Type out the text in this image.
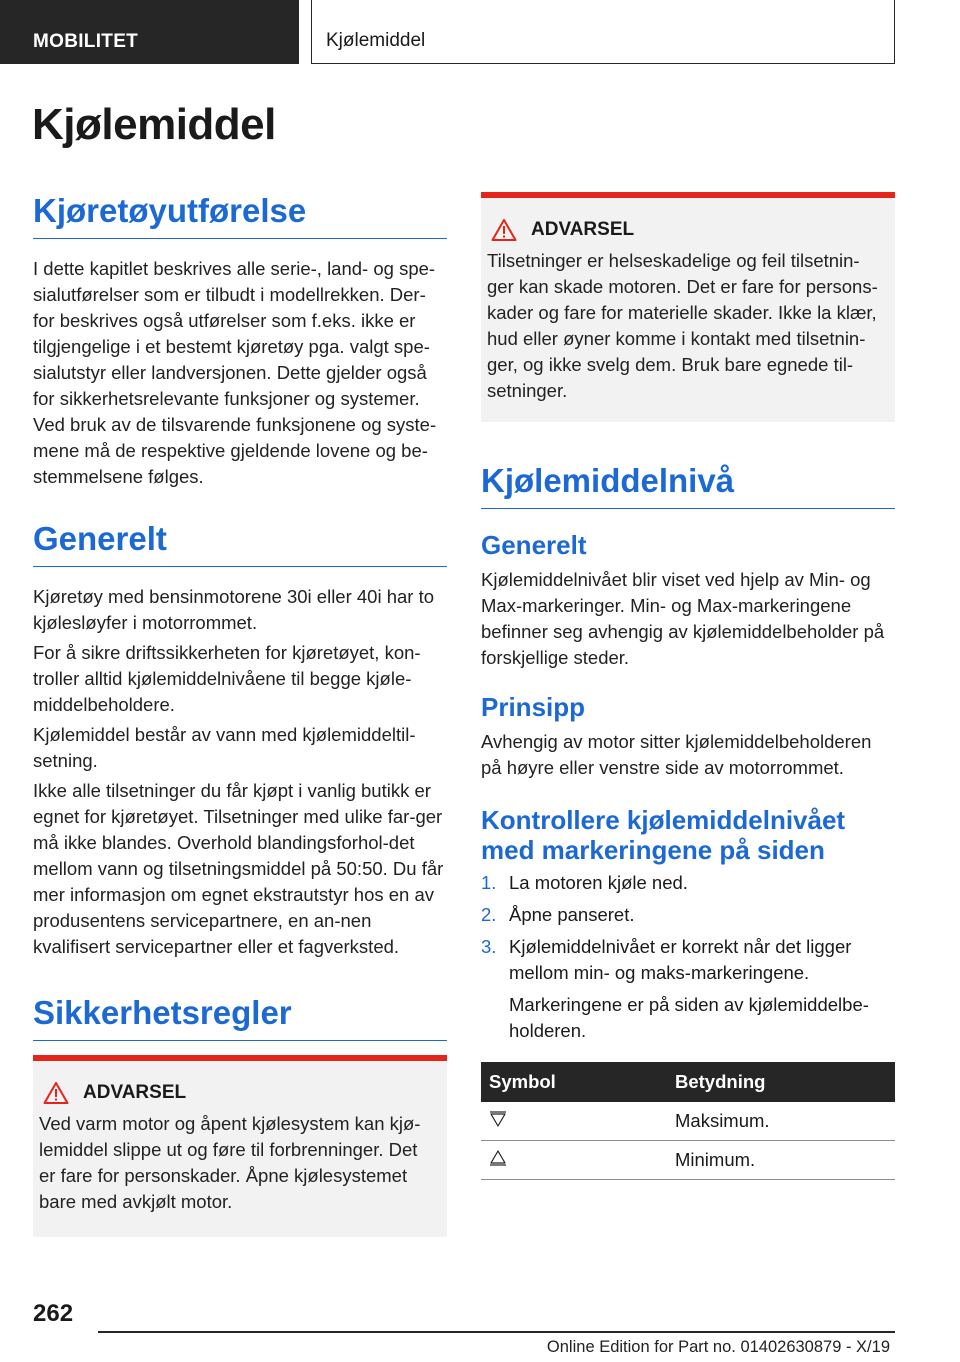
MOBILITET	Kjølemiddel
Kjølemiddel
Kjøretøyutførelse

I dette kapitlet beskrives alle serie-, land- og spe-sialutførelser som er tilbudt i modellrekken. Der-for beskrives også utførelser som f.eks. ikke er tilgjengelige i et bestemt kjøretøy pga. valgt spe-sialutstyr eller landversjonen. Dette gjelder også for sikkerhetsrelevante funksjoner og systemer. Ved bruk av de tilsvarende funksjonene og syste-mene må de respektive gjeldende lovene og be-stemmelsene følges.

Generelt

Kjøretøy med bensinmotorene 30i eller 40i har to kjølesløyfer i motorrommet.

For å sikre driftssikkerheten for kjøretøyet, kon-troller alltid kjølemiddelnivåene til begge kjøle-middelbeholdere.

Kjølemiddel består av vann med kjølemiddeltil-setning.

Ikke alle tilsetninger du får kjøpt i vanlig butikk er egnet for kjøretøyet. Tilsetninger med ulike far-ger må ikke blandes. Overhold blandingsforhol-det mellom vann og tilsetningsmiddel på 50:50. Du får mer informasjon om egnet ekstrautstyr hos en av produsentens servicepartnere, en an-nen kvalifisert servicepartner eller et fagverksted.

Sikkerhetsregler
ADVARSEL

Ved varm motor og åpent kjølesystem kan kjø-lemiddel slippe ut og føre til forbrenninger. Det er fare for personskader. Åpne kjølesystemet bare med avkjølt motor.

ADVARSEL

Tilsetninger er helseskadelige og feil tilsetnin-ger kan skade motoren. Det er fare for persons-kader og fare for materielle skader. Ikke la klær, hud eller øyner komme i kontakt med tilsetnin-ger, og ikke svelg dem. Bruk bare egnede til-setninger.

Kjølemiddelnivå
Generelt

Kjølemiddelnivået blir viset ved hjelp av Min- og Max-markeringer. Min- og Max-markeringene befinner seg avhengig av kjølemiddelbeholder på forskjellige steder.

Prinsipp

Avhengig av motor sitter kjølemiddelbeholderen på høyre eller venstre side av motorrommet.

Kontrollere kjølemiddelnivået med markeringene på siden
1. La motoren kjøle ned.
2. Åpne panseret.
3. Kjølemiddelnivået er korrekt når det ligger mellom min- og maks-markeringene.
Markeringene er på siden av kjølemiddelbe-holderen.
Symbol	Betydning
	Maksimum.
	Minimum.
262
Online Edition for Part no. 01402630879 - X/19
